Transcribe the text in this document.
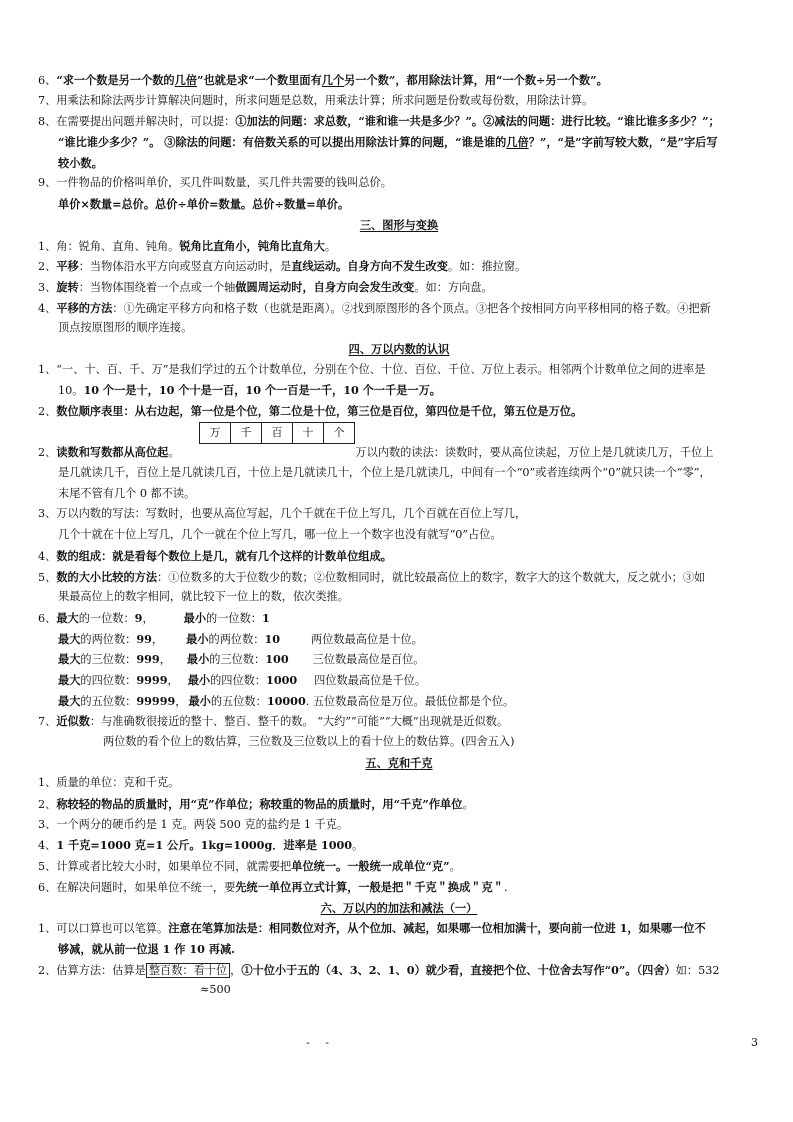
6、“求一个数是另一个数的几倍”也就是求“一个数里面有几个另一个数”，都用除法计算，用“一个数÷另一个数”。
7、用乘法和除法两步计算解决问题时，所求问题是总数，用乘法计算；所求问题是份数或每份数，用除法计算。
8、在需要提出问题并解决时，可以提：①加法的问题：求总数，“谁和谁一共是多少？”。②减法的问题：进行比较。“谁比谁多多少？”；
“谁比谁少多少？”。 ③除法的问题：有倍数关系的可以提出用除法计算的问题，“谁是谁的几倍？”，“是”字前写较大数，“是”字后写
较小数。
9、一件物品的价格叫单价，买几件叫数量，买几件共需要的钱叫总价。
单价×数量=总价。总价÷单价=数量。总价÷数量=单价。
三、图形与变换
1、角：锐角、直角、钝角。锐角比直角小，钝角比直角大。
2、平移：当物体沿水平方向或竖直方向运动时，是直线运动。自身方向不发生改变。如：推拉窗。
3、旋转：当物体围绕着一个点或一个轴做圆周运动时，自身方向会发生改变。如：方向盘。
4、平移的方法：①先确定平移方向和格子数（也就是距离）。②找到原图形的各个顶点。③把各个按相同方向平移相同的格子数。④把新
顶点按原图形的顺序连接。
四、万以内数的认识
1、“一、十、百、千、万”是我们学过的五个计数单位，分别在个位、十位、百位、千位、万位上表示。相邻两个计数单位之间的进率是
10。10 个一是十，10 个十是一百，10 个一百是一千，10 个一千是一万。
2、数位顺序表里：从右边起，第一位是个位，第二位是十位，第三位是百位，第四位是千位，第五位是万位。
万	千	百	十	个
2、读数和写数都从高位起。	万以内数的读法：读数时，要从高位读起，万位上是几就读几万，千位上
是几就读几千，百位上是几就读几百，十位上是几就读几十，个位上是几就读几，中间有一个“0”或者连续两个“0”就只读一个“零”，
末尾不管有几个 0 都不读。
3、万以内数的写法：写数时，也要从高位写起，几个千就在千位上写几，几个百就在百位上写几，
几个十就在十位上写几，几个一就在个位上写几，哪一位上一个数字也没有就写“0”占位。
4、数的组成：就是看每个数位上是几，就有几个这样的计数单位组成。
5、数的大小比较的方法：①位数多的大于位数少的数；②位数相同时，就比较最高位上的数字，数字大的这个数就大，反之就小；③如
果最高位上的数字相同，就比较下一位上的数，依次类推。
6、最大的一位数：9，	最小的一位数：1
最大的两位数：99， 最小的两位数：10	两位数最高位是十位。
最大的三位数：999， 最小的三位数：100 三位数最高位是百位。
最大的四位数：9999， 最小的四位数：1000 四位数最高位是千位。
最大的五位数：99999， 最小的五位数：10000. 五位数最高位是万位。最低位都是个位。
7、近似数：与准确数很接近的整十、整百、整千的数。 “大约”“可能”“大概”出现就是近似数。
两位数的看个位上的数估算，三位数及三位数以上的看十位上的数估算。(四舍五入)
五、克和千克
1、质量的单位：克和千克。
2、称较轻的物品的质量时，用“克”作单位；称较重的物品的质量时，用“千克”作单位。
3、一个两分的硬币约是 1 克。两袋 500 克的盐约是 1 千克。
4、1 千克=1000 克=1 公斤。1kg=1000g．进率是 1000。
5、计算或者比较大小时，如果单位不同，就需要把单位统一。一般统一成单位“克”。
6、在解决问题时，如果单位不统一，要先统一单位再立式计算，一般是把＂千克＂换成＂克＂.
六、万以内的加法和减法（一）
1、可以口算也可以笔算。注意在笔算加法是：相同数位对齐，从个位加、减起，如果哪一位相加满十，要向前一位进 1，如果哪一位不
够减，就从前一位退 1 作 10 再减.
2、估算方法：估算是 整百数：看十位 ，①十位小于五的（4、3、2、1、0）就少看，直接把个位、十位舍去写作“0”。（四舍）如：532
≈500
- -	3
